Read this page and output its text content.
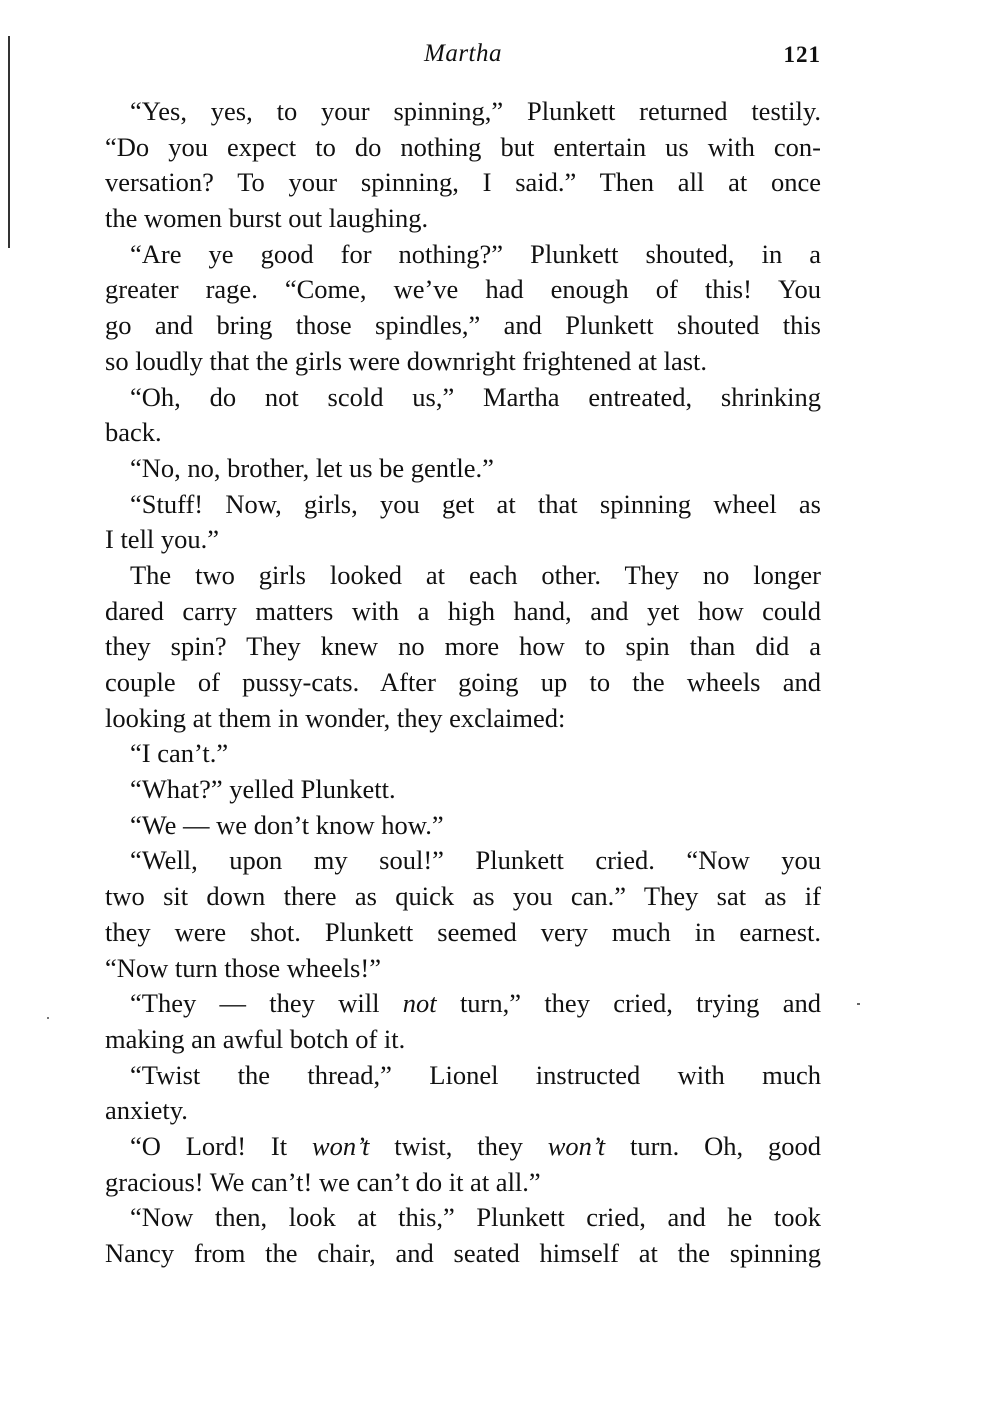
Martha	121
“Yes, yes, to your spinning,” Plunkett returned testily.
“Do you expect to do nothing but entertain us with con-
versation? To your spinning, I said.” Then all at once
the women burst out laughing.
“Are ye good for nothing?” Plunkett shouted, in a
greater rage. “Come, we’ve had enough of this! You
go and bring those spindles,” and Plunkett shouted this
so loudly that the girls were downright frightened at last.
“Oh, do not scold us,” Martha entreated, shrinking
back.
“No, no, brother, let us be gentle.”
“Stuff! Now, girls, you get at that spinning wheel as
I tell you.”
The two girls looked at each other. They no longer
dared carry matters with a high hand, and yet how could
they spin? They knew no more how to spin than did a
couple of pussy-cats. After going up to the wheels and
looking at them in wonder, they exclaimed:
“I can’t.”
“What?” yelled Plunkett.
“We — we don’t know how.”
“Well, upon my soul!” Plunkett cried. “Now you
two sit down there as quick as you can.” They sat as if
they were shot. Plunkett seemed very much in earnest.
“Now turn those wheels!”
“They — they will not turn,” they cried, trying and
making an awful botch of it.
“Twist the thread,” Lionel instructed with much
anxiety.
“O Lord! It won’t twist, they won’t turn. Oh, good
gracious! We can’t! we can’t do it at all.”
“Now then, look at this,” Plunkett cried, and he took
Nancy from the chair, and seated himself at the spinning
